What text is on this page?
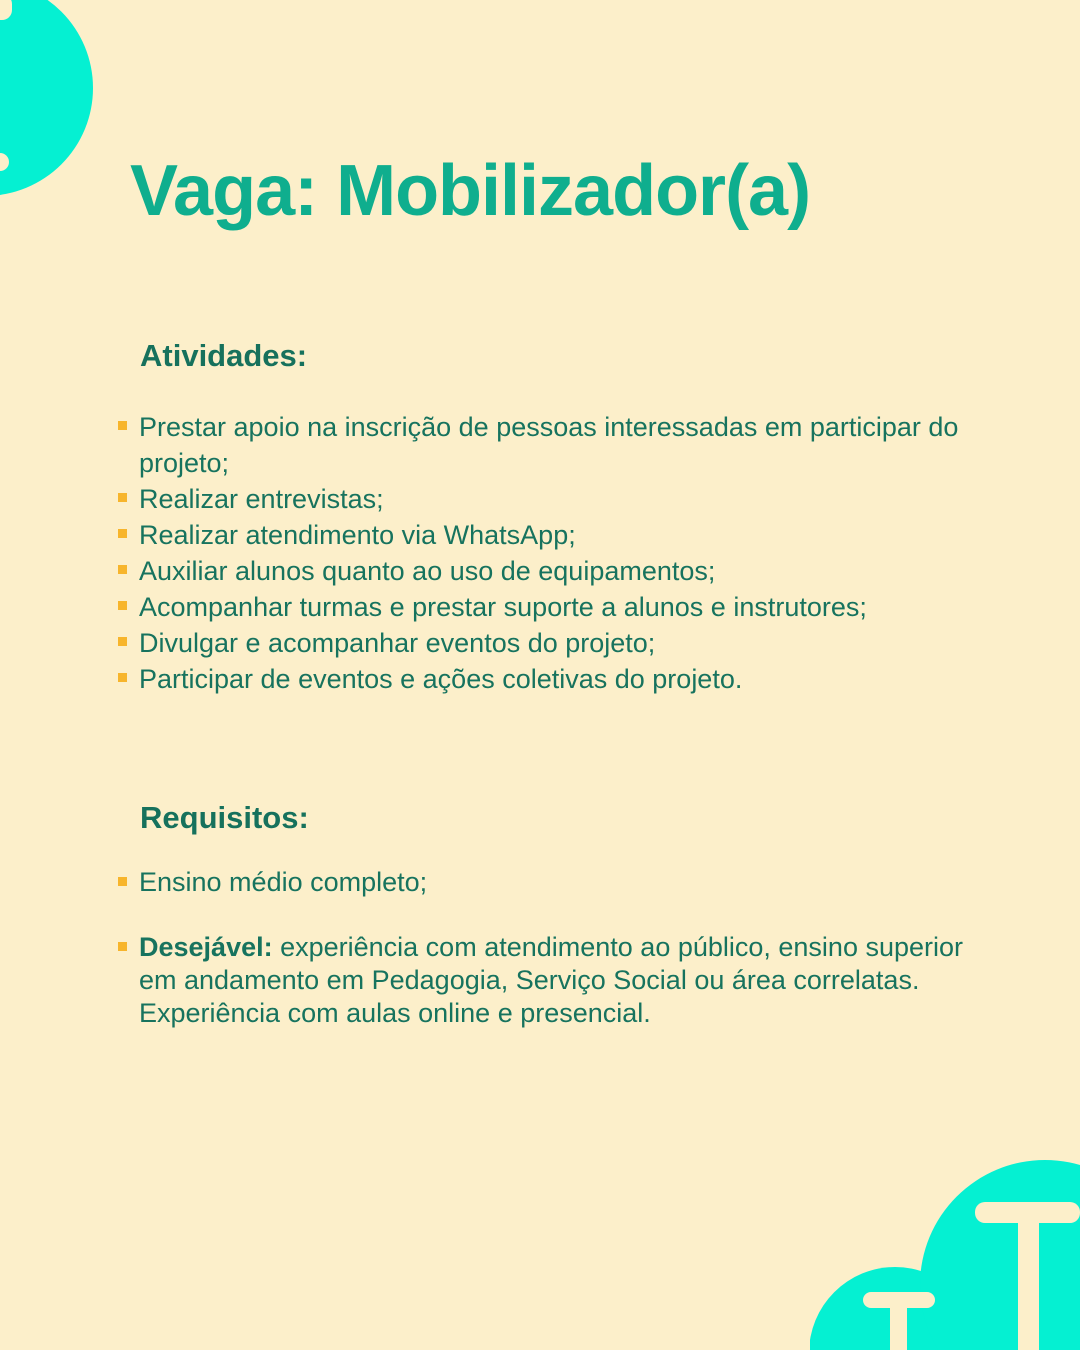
Vaga: Mobilizador(a)
Atividades:
Prestar apoio na inscrição de pessoas interessadas em participar do projeto;
Realizar entrevistas;
Realizar atendimento via WhatsApp;
Auxiliar alunos quanto ao uso de equipamentos;
Acompanhar turmas e prestar suporte a alunos e instrutores;
Divulgar e acompanhar eventos do projeto;
Participar de eventos e ações coletivas do projeto.
Requisitos:
Ensino médio completo;
Desejável: experiência com atendimento ao público, ensino superior em andamento em Pedagogia, Serviço Social ou área correlatas. Experiência com aulas online e presencial.
